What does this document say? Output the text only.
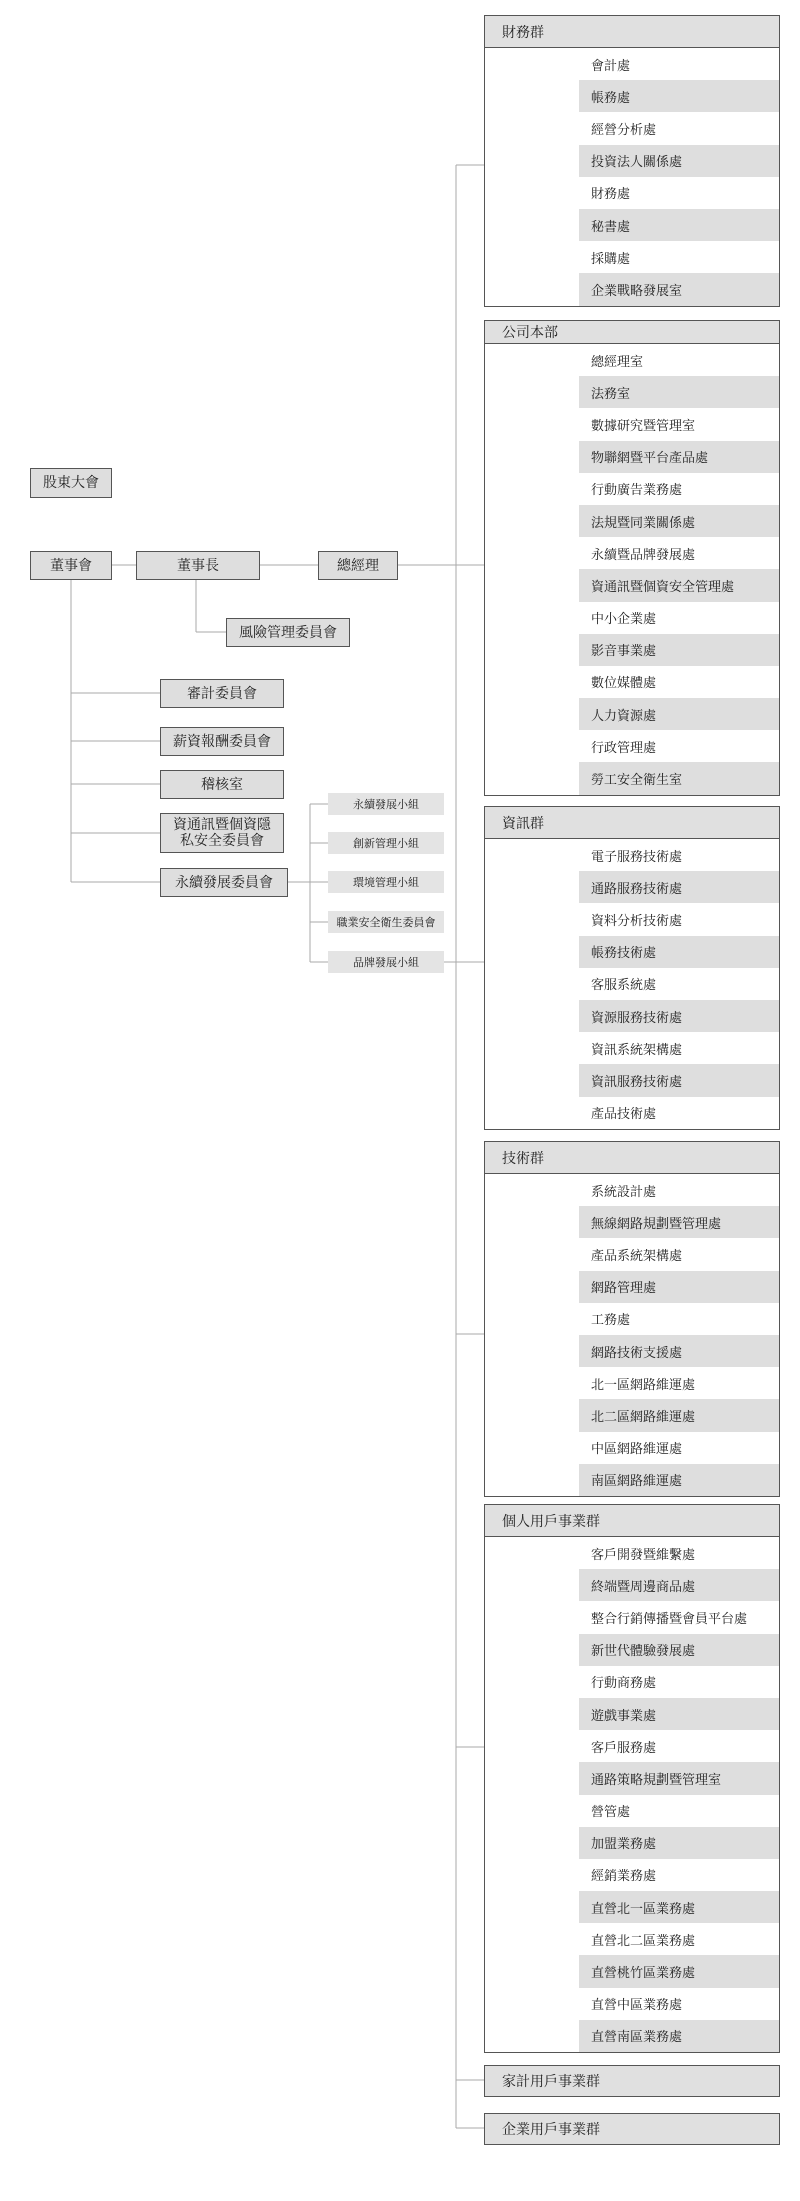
股東大會
董事會	董事長	總經理
風險管理委員會
審計委員會
薪資報酬委員會
稽核室
資通訊暨個資隱私安全委員會
永續發展委員會
永續發展小組
創新管理小組
環境管理小組
職業安全衛生委員會
品牌發展小組
財務群
會計處
帳務處
經營分析處
投資法人關係處
財務處
秘書處
採購處
企業戰略發展室
公司本部
總經理室
法務室
數據研究暨管理室
物聯網暨平台產品處
行動廣告業務處
法規暨同業關係處
永續暨品牌發展處
資通訊暨個資安全管理處
中小企業處
影音事業處
數位媒體處
人力資源處
行政管理處
勞工安全衛生室
資訊群
電子服務技術處
通路服務技術處
資料分析技術處
帳務技術處
客服系統處
資源服務技術處
資訊系統架構處
資訊服務技術處
產品技術處
技術群
系統設計處
無線網路規劃暨管理處
產品系統架構處
網路管理處
工務處
網路技術支援處
北一區網路維運處
北二區網路維運處
中區網路維運處
南區網路維運處
個人用戶事業群
客戶開發暨維繫處
終端暨周邊商品處
整合行銷傳播暨會員平台處
新世代體驗發展處
行動商務處
遊戲事業處
客戶服務處
通路策略規劃暨管理室
營管處
加盟業務處
經銷業務處
直營北一區業務處
直營北二區業務處
直營桃竹區業務處
直營中區業務處
直營南區業務處
家計用戶事業群
企業用戶事業群
